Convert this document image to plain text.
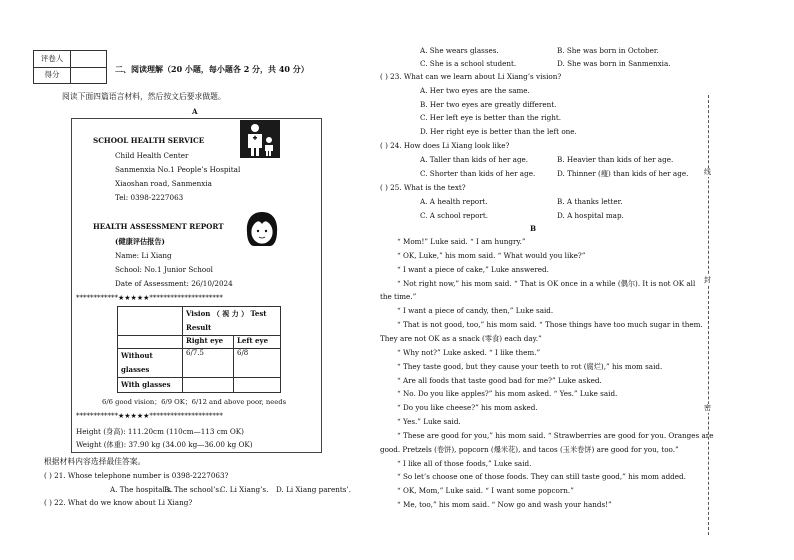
评卷人
得分
二、阅读理解（20 小题，每小题各 2 分，共 40 分）
阅读下面四篇语言材料，然后按文后要求做题。
A
SCHOOL HEALTH SERVICE
Child Health Center
Sanmenxia No.1 People’s Hospital
Xiaoshan road, Sanmenxia
Tel: 0398-2227063
HEALTH ASSESSMENT REPORT
(健康评估报告)
Name: Li Xiang
School: No.1 Junior School
Date of Assessment: 26/10/2024
************★★★★★*********************
	Vision （ 视 力 ） Test Result	
	Right eye	Left eye
Without glasses	6/7.5	6/8
With glasses		
6/6 good vision；6/9 OK；6/12 and above poor, needs
************★★★★★*********************
Height (身高): 111.20cm (110cm—113 cm OK)
Weight (体重): 37.90 kg (34.00 kg—36.00 kg OK)
根据材料内容选择最佳答案。
( ) 21. Whose telephone number is 0398-2227063?
A. The hospital’s.
B. The school’s.
C. Li Xiang’s. D. Li Xiang parents’.
( ) 22. What do we know about Li Xiang?
A. She wears glasses.	B. She was born in October.
C. She is a school student.	D. She was born in Sanmenxia.
( ) 23. What can we learn about Li Xiang’s vision?
A. Her two eyes are the same.
B. Her two eyes are greatly different.
C. Her left eye is better than the right.
D. Her right eye is better than the left one.
( ) 24. How does Li Xiang look like?
A. Taller than kids of her age.	B. Heavier than kids of her age.
C. Shorter than kids of her age.	D. Thinner (瘦) than kids of her age.
( ) 25. What is the text?
A. A health report.	B. A thanks letter.
C. A school report.	D. A hospital map.
B
“ Mom!” Luke said. “ I am hungry.”
“ OK, Luke,” his mom said. “ What would you like?”
“ I want a piece of cake,” Luke answered.
“ Not right now,” his mom said. “ That is OK once in a while (偶尔). It is not OK all
the time.”
“ I want a piece of candy, then,” Luke said.
“ That is not good, too,” his mom said. “ Those things have too much sugar in them.
They are not OK as a snack (零食) each day.”
“ Why not?” Luke asked. “ I like them.”
“ They taste good, but they cause your teeth to rot (腐烂),” his mom said.
“ Are all foods that taste good bad for me?” Luke asked.
“ No. Do you like apples?” his mom asked. “ Yes.” Luke said.
“ Do you like cheese?” his mom asked.
“ Yes.” Luke said.
“ These are good for you,” his mom said. “ Strawberries are good for you. Oranges are
good. Pretzels (卷饼), popcorn (爆米花), and tacos (玉米卷饼) are good for you, too.”
“ I like all of those foods,” Luke said.
“ So let’s choose one of those foods. They can still taste good,” his mom added.
“ OK, Mom,” Luke said. “ I want some popcorn.”
“ Me, too,” his mom said. “ Now go and wash your hands!”
线
封
密
